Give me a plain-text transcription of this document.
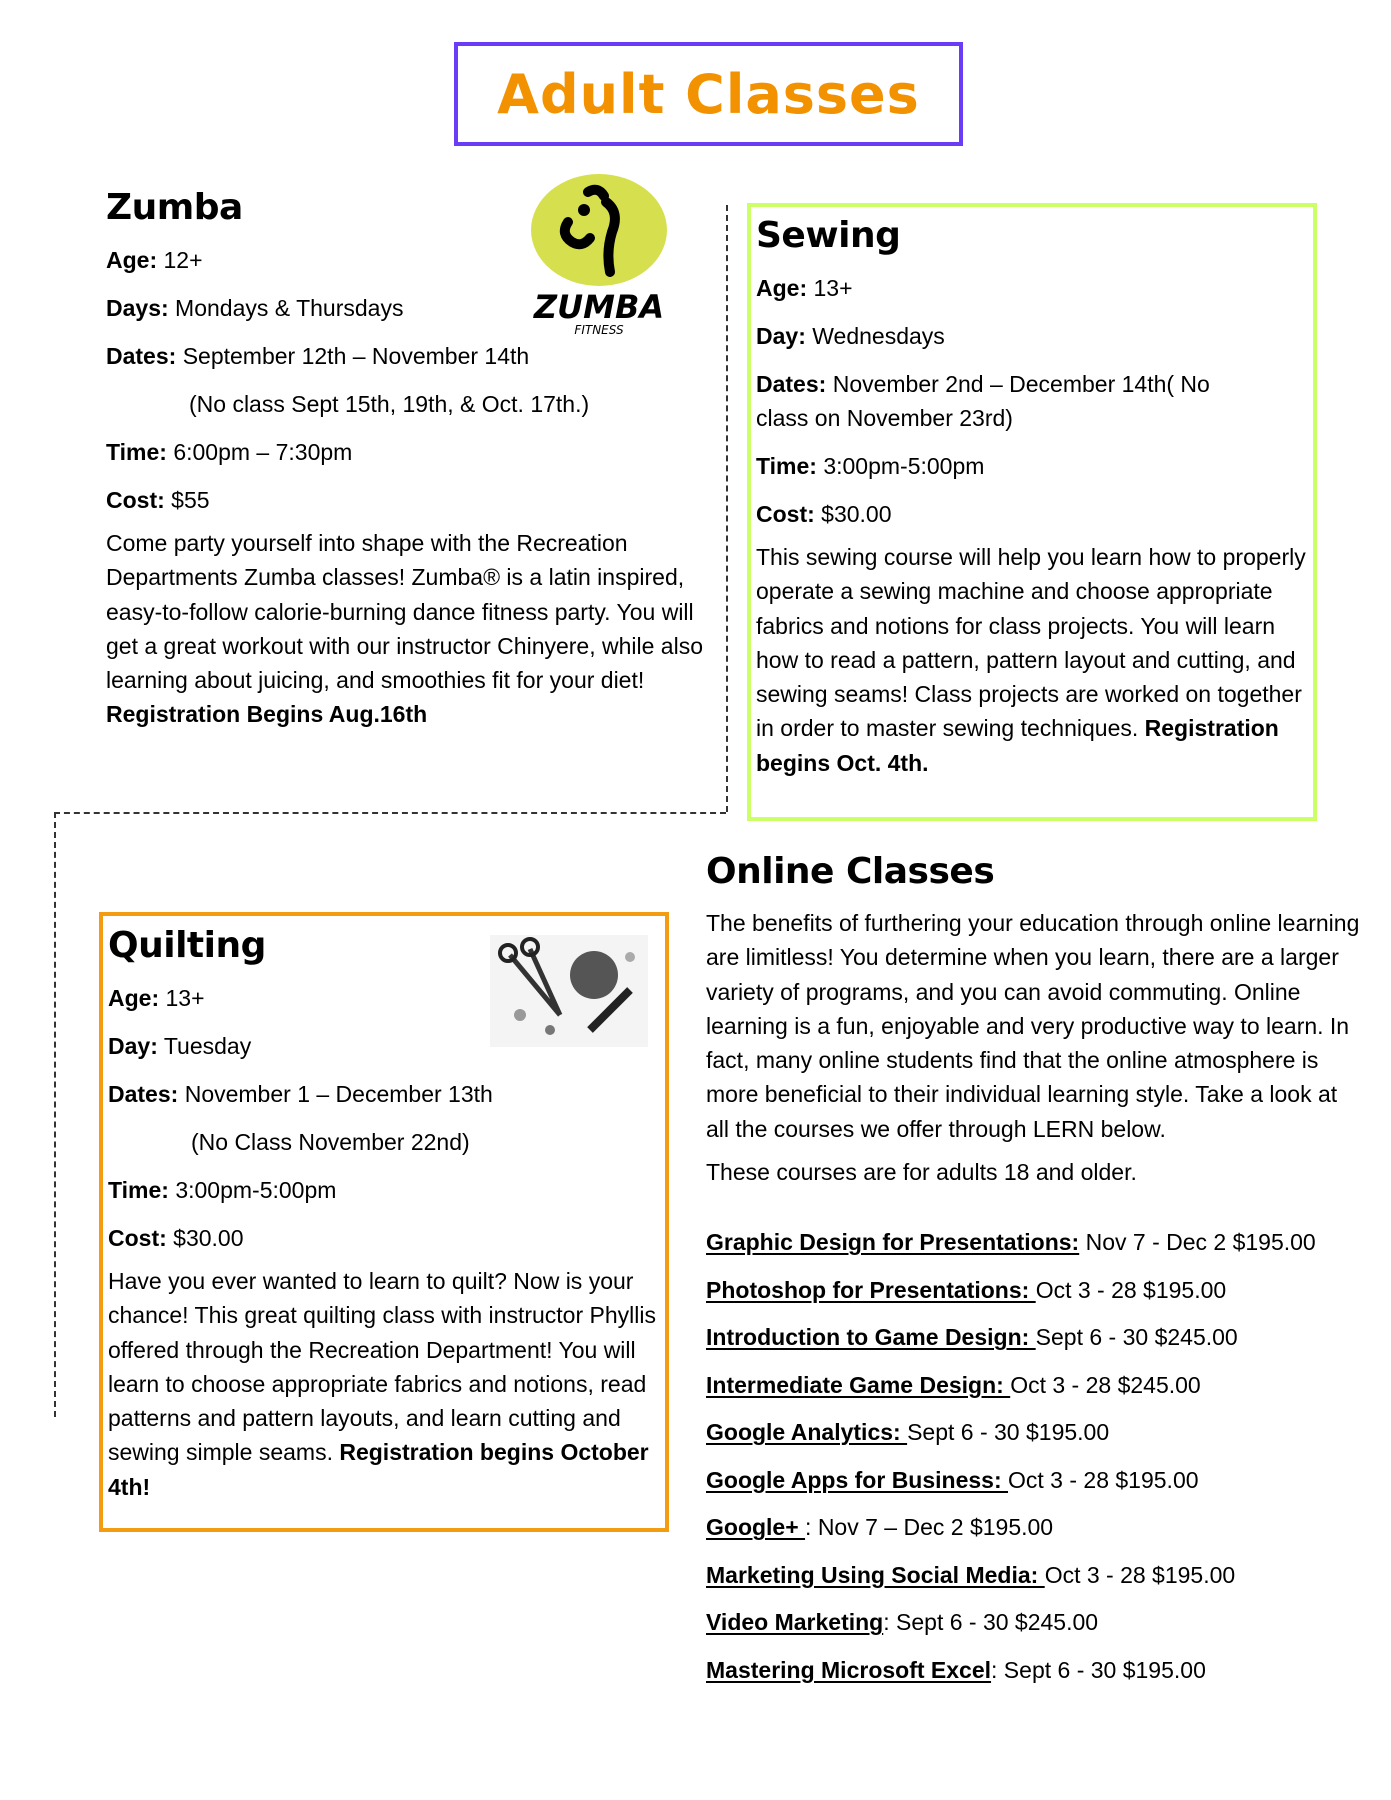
Adult Classes
Zumba
Age: 12+
Days: Mondays & Thursdays
Dates: September 12th – November 14th
(No class Sept 15th, 19th, & Oct. 17th.)
Time: 6:00pm – 7:30pm
Cost: $55
Come party yourself into shape with the Recreation Departments Zumba classes! Zumba® is a latin inspired, easy-to-follow calorie-burning dance fitness party. You will get a great workout with our instructor Chinyere, while also learning about juicing, and smoothies fit for your diet!
Registration Begins Aug.16th
ZUMBA
FITNESS
Sewing
Age: 13+
Day: Wednesdays
Dates: November 2nd – December 14th( No class on November 23rd)
Time: 3:00pm-5:00pm
Cost: $30.00
This sewing course will help you learn how to properly operate a sewing machine and choose appropriate fabrics and notions for class projects. You will learn how to read a pattern, pattern layout and cutting, and sewing seams! Class projects are worked on together in order to master sewing techniques. Registration begins Oct. 4th.
Quilting
Age: 13+
Day: Tuesday
Dates: November 1 – December 13th
(No Class November 22nd)
Time: 3:00pm-5:00pm
Cost: $30.00
Have you ever wanted to learn to quilt? Now is your chance! This great quilting class with instructor Phyllis offered through the Recreation Department! You will learn to choose appropriate fabrics and notions, read patterns and pattern layouts, and learn cutting and sewing simple seams. Registration begins October 4th!
Online Classes
The benefits of furthering your education through online learning are limitless! You determine when you learn, there are a larger variety of programs, and you can avoid commuting. Online learning is a fun, enjoyable and very productive way to learn. In fact, many online students find that the online atmosphere is more beneficial to their individual learning style. Take a look at all the courses we offer through LERN below.
These courses are for adults 18 and older.
Graphic Design for Presentations: Nov 7 - Dec 2 $195.00
Photoshop for Presentations: Oct 3 - 28 $195.00
Introduction to Game Design: Sept 6 - 30 $245.00
Intermediate Game Design: Oct 3 - 28 $245.00
Google Analytics: Sept 6 - 30 $195.00
Google Apps for Business: Oct 3 - 28 $195.00
Google+ : Nov 7 – Dec 2 $195.00
Marketing Using Social Media: Oct 3 - 28 $195.00
Video Marketing: Sept 6 - 30 $245.00
Mastering Microsoft Excel: Sept 6 - 30 $195.00
